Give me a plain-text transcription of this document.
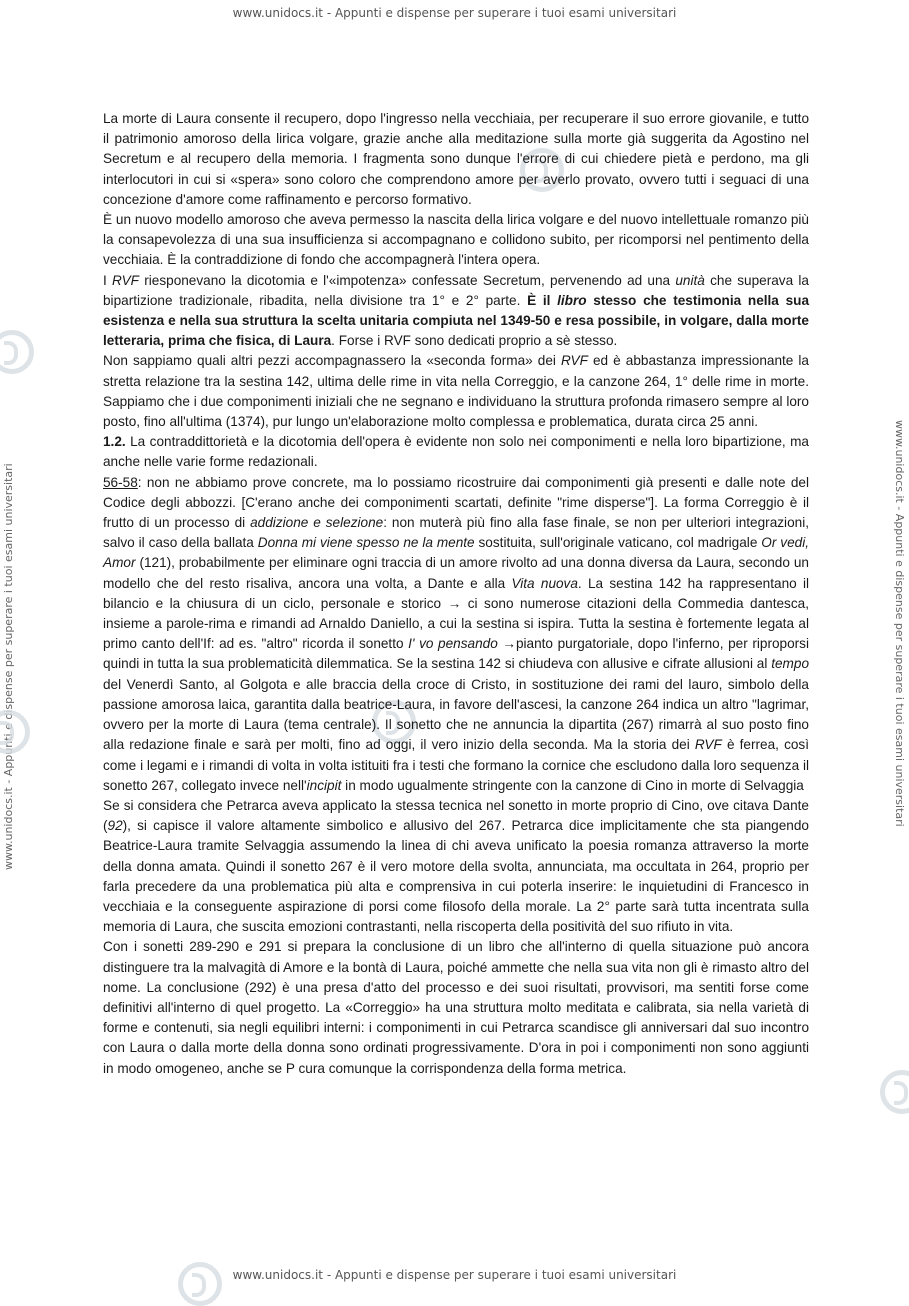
www.unidocs.it - Appunti e dispense per superare i tuoi esami universitari
www.unidocs.it - Appunti e dispense per superare i tuoi esami universitari	www.unidocs.it - Appunti e dispense per superare i tuoi esami universitari

La morte di Laura consente il recupero, dopo l'ingresso nella vecchiaia, per recuperare il suo errore giovanile, e tutto il patrimonio amoroso della lirica volgare, grazie anche alla meditazione sulla morte già suggerita da Agostino nel Secretum e al recupero della memoria. I fragmenta sono dunque l'errore di cui chiedere pietà e perdono, ma gli interlocutori in cui si «spera» sono coloro che comprendono amore per averlo provato, ovvero tutti i seguaci di una concezione d'amore come raffinamento e percorso formativo.

È un nuovo modello amoroso che aveva permesso la nascita della lirica volgare e del nuovo intellettuale romanzo più la consapevolezza di una sua insufficienza si accompagnano e collidono subito, per ricomporsi nel pentimento della vecchiaia. È la contraddizione di fondo che accompagnerà l'intera opera.

I RVF riesponevano la dicotomia e l'«impotenza» confessate Secretum, pervenendo ad una unità che superava la bipartizione tradizionale, ribadita, nella divisione tra 1° e 2° parte. È il libro stesso che testimonia nella sua esistenza e nella sua struttura la scelta unitaria compiuta nel 1349-50 e resa possibile, in volgare, dalla morte letteraria, prima che fisica, di Laura. Forse i RVF sono dedicati proprio a sè stesso.

Non sappiamo quali altri pezzi accompagnassero la «seconda forma» dei RVF ed è abbastanza impressionante la stretta relazione tra la sestina 142, ultima delle rime in vita nella Correggio, e la canzone 264, 1° delle rime in morte. Sappiamo che i due componimenti iniziali che ne segnano e individuano la struttura profonda rimasero sempre al loro posto, fino all'ultima (1374), pur lungo un'elaborazione molto complessa e problematica, durata circa 25 anni.

1.2. La contraddittorietà e la dicotomia dell'opera è evidente non solo nei componimenti e nella loro bipartizione, ma anche nelle varie forme redazionali.

56-58: non ne abbiamo prove concrete, ma lo possiamo ricostruire dai componimenti già presenti e dalle note del Codice degli abbozzi. [C'erano anche dei componimenti scartati, definite "rime disperse"]. La forma Correggio è il frutto di un processo di addizione e selezione: non muterà più fino alla fase finale, se non per ulteriori integrazioni, salvo il caso della ballata Donna mi viene spesso ne la mente sostituita, sull'originale vaticano, col madrigale Or vedi, Amor (121), probabilmente per eliminare ogni traccia di un amore rivolto ad una donna diversa da Laura, secondo un modello che del resto risaliva, ancora una volta, a Dante e alla Vita nuova. La sestina 142 ha rappresentano il bilancio e la chiusura di un ciclo, personale e storico → ci sono numerose citazioni della Commedia dantesca, insieme a parole-rima e rimandi ad Arnaldo Daniello, a cui la sestina si ispira. Tutta la sestina è fortemente legata al primo canto dell'If: ad es. "altro" ricorda il sonetto I' vo pensando →pianto purgatoriale, dopo l'inferno, per riproporsi quindi in tutta la sua problematicità dilemmatica. Se la sestina 142 si chiudeva con allusive e cifrate allusioni al tempo del Venerdì Santo, al Golgota e alle braccia della croce di Cristo, in sostituzione dei rami del lauro, simbolo della passione amorosa laica, garantita dalla beatrice-Laura, in favore dell'ascesi, la canzone 264 indica un altro "lagrimar, ovvero per la morte di Laura (tema centrale). Il sonetto che ne annuncia la dipartita (267) rimarrà al suo posto fino alla redazione finale e sarà per molti, fino ad oggi, il vero inizio della seconda. Ma la storia dei RVF è ferrea, così come i legami e i rimandi di volta in volta istituiti fra i testi che formano la cornice che escludono dalla loro sequenza il sonetto 267, collegato invece nell'incipit in modo ugualmente stringente con la canzone di Cino in morte di Selvaggia

Se si considera che Petrarca aveva applicato la stessa tecnica nel sonetto in morte proprio di Cino, ove citava Dante (92), si capisce il valore altamente simbolico e allusivo del 267. Petrarca dice implicitamente che sta piangendo Beatrice-Laura tramite Selvaggia assumendo la linea di chi aveva unificato la poesia romanza attraverso la morte della donna amata. Quindi il sonetto 267 è il vero motore della svolta, annunciata, ma occultata in 264, proprio per farla precedere da una problematica più alta e comprensiva in cui poterla inserire: le inquietudini di Francesco in vecchiaia e la conseguente aspirazione di porsi come filosofo della morale. La 2° parte sarà tutta incentrata sulla memoria di Laura, che suscita emozioni contrastanti, nella riscoperta della positività del suo rifiuto in vita.

Con i sonetti 289-290 e 291 si prepara la conclusione di un libro che all'interno di quella situazione può ancora distinguere tra la malvagità di Amore e la bontà di Laura, poiché ammette che nella sua vita non gli è rimasto altro del nome. La conclusione (292) è una presa d'atto del processo e dei suoi risultati, provvisori, ma sentiti forse come definitivi all'interno di quel progetto. La «Correggio» ha una struttura molto meditata e calibrata, sia nella varietà di forme e contenuti, sia negli equilibri interni: i componimenti in cui Petrarca scandisce gli anniversari dal suo incontro con Laura o dalla morte della donna sono ordinati progressivamente. D'ora in poi i componimenti non sono aggiunti in modo omogeneo, anche se P cura comunque la corrispondenza della forma metrica.

www.unidocs.it - Appunti e dispense per superare i tuoi esami universitari
